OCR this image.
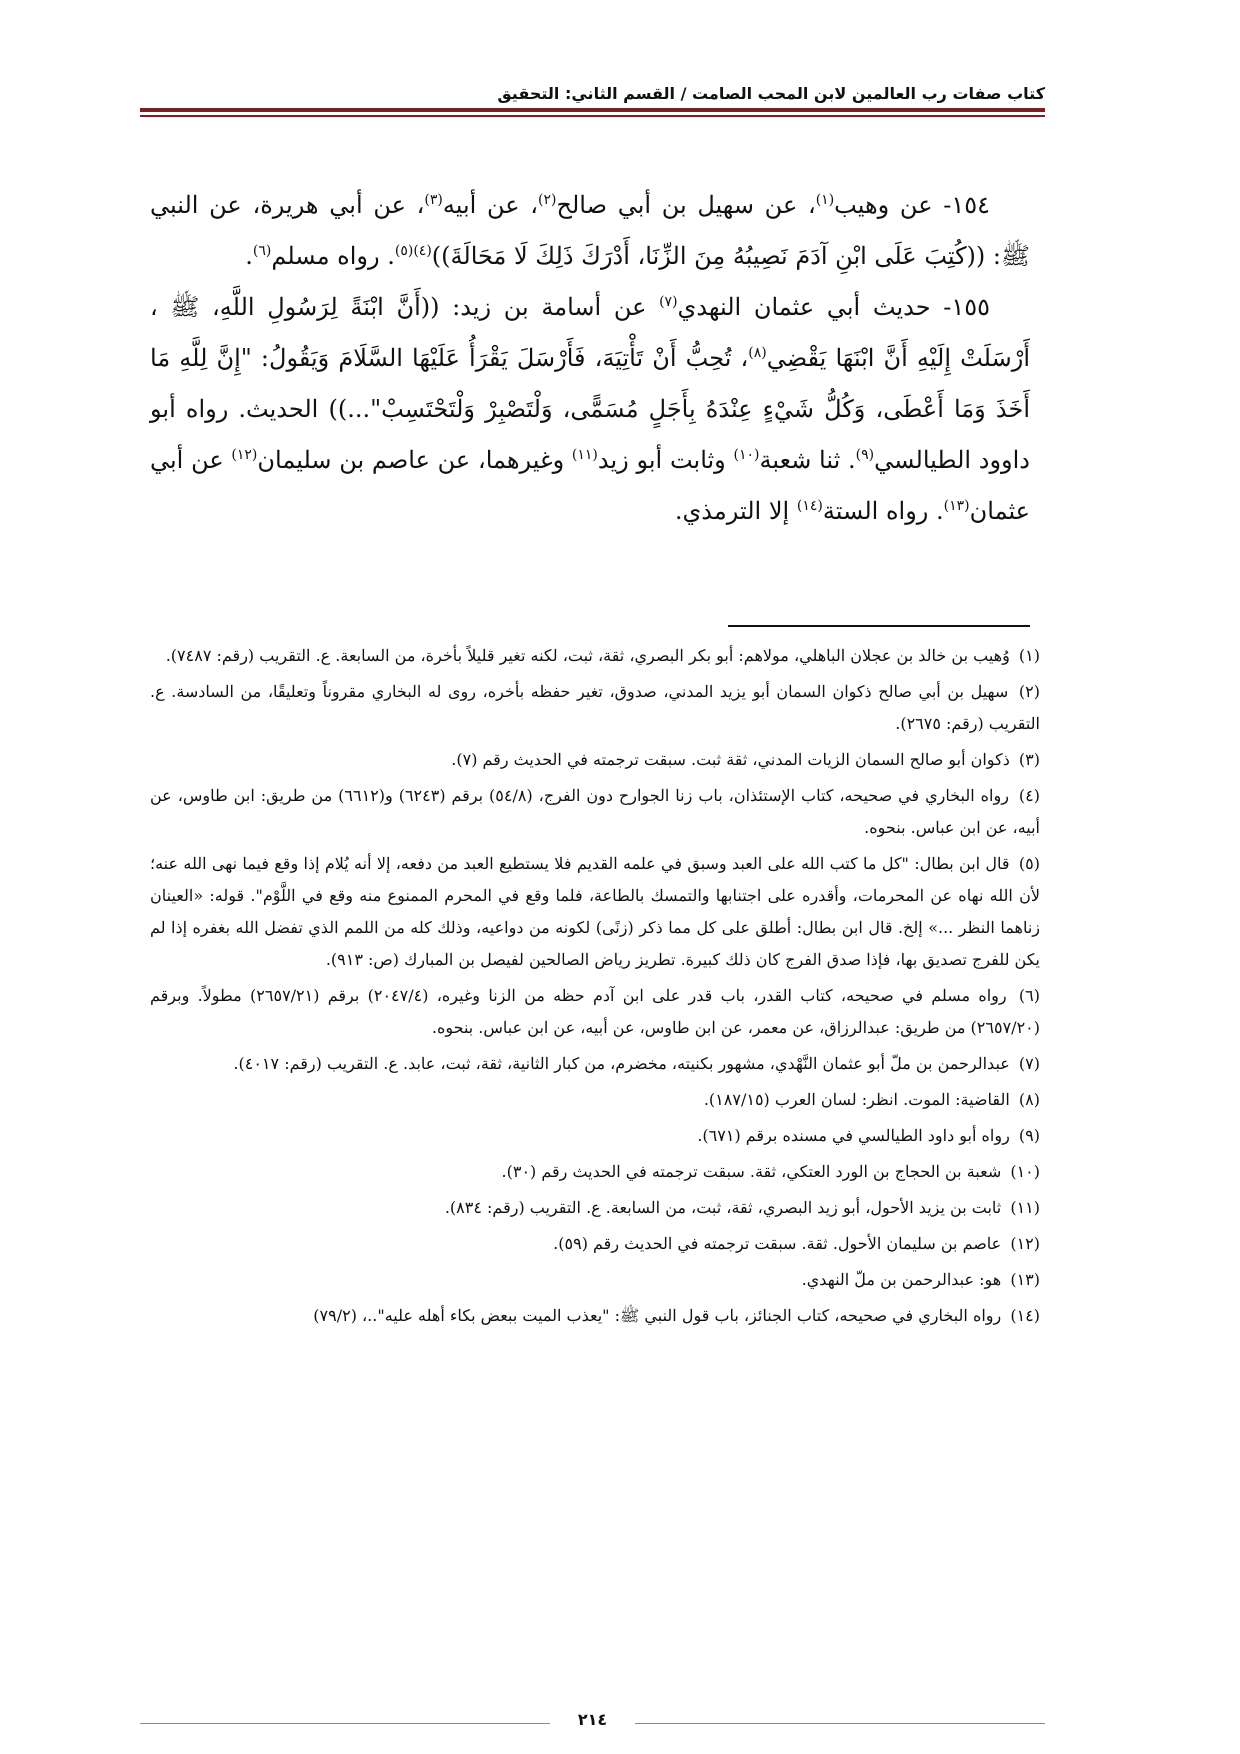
كتاب صفات رب العالمين لابن المحب الصامت / القسم الثاني: التحقيق

١٥٤- عن وهيب$^{(١)}$، عن سهيل بن أبي صالح$^{(٢)}$، عن أبيه$^{(٣)}$، عن أبي هريرة، عن النبي ﷺ: ((كُتِبَ عَلَى ابْنِ آدَمَ نَصِيبُهُ مِنَ الزِّنَا، أَدْرَكَ ذَلِكَ لَا مَحَالَةَ))$^{(٤)(٥)}$. رواه مسلم$^{(٦)}$.

١٥٥- حديث أبي عثمان النهدي$^{(٧)}$ عن أسامة بن زيد: ((أَنَّ ابْنَةً لِرَسُولِ اللَّهِ، ﷺ ، أَرْسَلَتْ إِلَيْهِ أَنَّ ابْنَهَا يَقْضِي$^{(٨)}$، تُحِبُّ أَنْ تَأْتِيَهَ، فَأَرْسَلَ يَقْرَأُ عَلَيْهَا السَّلَامَ وَيَقُولُ: "إِنَّ لِلَّهِ مَا أَخَذَ وَمَا أَعْطَى، وَكُلُّ شَيْءٍ عِنْدَهُ بِأَجَلٍ مُسَمًّى، وَلْتَصْبِرْ وَلْتَحْتَسِبْ"...)) الحديث. رواه أبو داوود الطيالسي$^{(٩)}$. ثنا شعبة$^{(١٠)}$ وثابت أبو زيد$^{(١١)}$ وغيرهما، عن عاصم بن سليمان$^{(١٢)}$ عن أبي عثمان$^{(١٣)}$. رواه الستة$^{(١٤)}$ إلا الترمذي.

(١) وُهيب بن خالد بن عجلان الباهلي، مولاهم: أبو بكر البصري، ثقة، ثبت، لكنه تغير قليلاً بأخرة، من السابعة. ع. التقريب (رقم: ٧٤٨٧).

(٢) سهيل بن أبي صالح ذكوان السمان أبو يزيد المدني، صدوق، تغير حفظه بأخره، روى له البخاري مقروناً وتعليقًا، من السادسة. ع. التقريب (رقم: ٢٦٧٥).

(٣) ذكوان أبو صالح السمان الزيات المدني، ثقة ثبت. سبقت ترجمته في الحديث رقم (٧).

(٤) رواه البخاري في صحيحه، كتاب الإستئذان، باب زنا الجوارح دون الفرج، (٥٤/٨) برقم (٦٢٤٣) و(٦٦١٢) من طريق: ابن طاوس، عن أبيه، عن ابن عباس. بنحوه.

(٥) قال ابن بطال: "كل ما كتب الله على العبد وسبق في علمه القديم فلا يستطيع العبد من دفعه، إلا أنه يُلام إذا وقع فيما نهى الله عنه؛ لأن الله نهاه عن المحرمات، وأقدره على اجتنابها والتمسك بالطاعة، فلما وقع في المحرم الممنوع منه وقع في اللَّوْم". قوله: «العينان زناهما النظر ...» إلخ. قال ابن بطال: أطلق على كل مما ذكر (زنًى) لكونه من دواعيه، وذلك كله من اللمم الذي تفضل الله بغفره إذا لم يكن للفرج تصديق بها، فإذا صدق الفرج كان ذلك كبيرة. تطريز رياض الصالحين لفيصل بن المبارك (ص: ٩١٣).

(٦) رواه مسلم في صحيحه، كتاب القدر، باب قدر على ابن آدم حظه من الزنا وغيره، (٢٠٤٧/٤) برقم (٢٦٥٧/٢١) مطولاً. وبرقم (٢٦٥٧/٢٠) من طريق: عبدالرزاق، عن معمر، عن ابن طاوس، عن أبيه، عن ابن عباس. بنحوه.

(٧) عبدالرحمن بن ملّ أبو عثمان النَّهْدي، مشهور بكنيته، مخضرم، من كبار الثانية، ثقة، ثبت، عابد. ع. التقريب (رقم: ٤٠١٧).

(٨) القاضية: الموت. انظر: لسان العرب (١٨٧/١٥).

(٩) رواه أبو داود الطيالسي في مسنده برقم (٦٧١).

(١٠) شعبة بن الحجاج بن الورد العتكي، ثقة. سبقت ترجمته في الحديث رقم (٣٠).

(١١) ثابت بن يزيد الأحول، أبو زيد البصري، ثقة، ثبت، من السابعة. ع. التقريب (رقم: ٨٣٤).

(١٢) عاصم بن سليمان الأحول. ثقة. سبقت ترجمته في الحديث رقم (٥٩).

(١٣) هو: عبدالرحمن بن ملّ النهدي.

(١٤) رواه البخاري في صحيحه، كتاب الجنائز، باب قول النبي ﷺ: "يعذب الميت ببعض بكاء أهله عليه"..، (٧٩/٢)

٢١٤
